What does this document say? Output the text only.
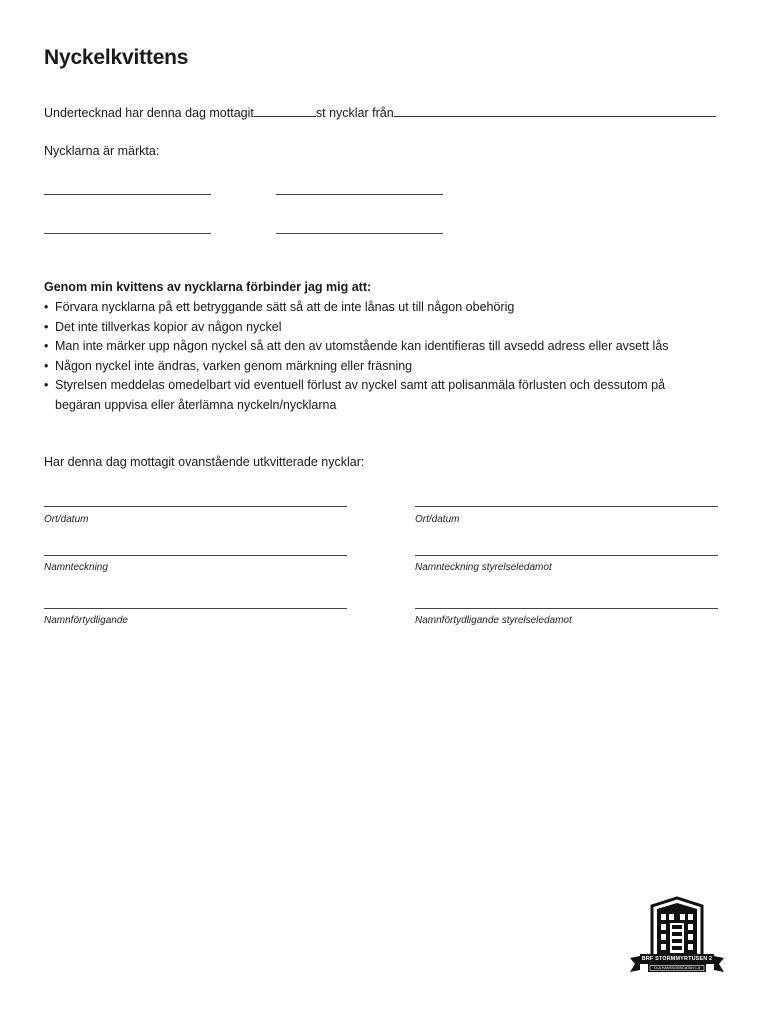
Nyckelkvittens
Undertecknad har denna dag mottagit	st nycklar från
Nycklarna är märkta:
Genom min kvittens av nycklarna förbinder jag mig att:
• Förvara nycklarna på ett betryggande sätt så att de inte lånas ut till någon obehörig
• Det inte tillverkas kopior av någon nyckel
• Man inte märker upp någon nyckel så att den av utomstående kan identifieras till avsedd adress eller avsett lås
• Någon nyckel inte ändras, varken genom märkning eller fräsning
• Styrelsen meddelas omedelbart vid eventuell förlust av nyckel samt att polisanmäla förlusten och dessutom på begäran uppvisa eller återlämna nyckeln/nycklarna
Har denna dag mottagit ovanstående utkvitterade nycklar:
Ort/datum
Namnteckning
Namnförtydligande
Ort/datum
Namnteckning styrelseledamot
Namnförtydligande styrelseledamot
BRF STORMMYRTUSEN 2
OLA HANSSONSGATAN 1-8
